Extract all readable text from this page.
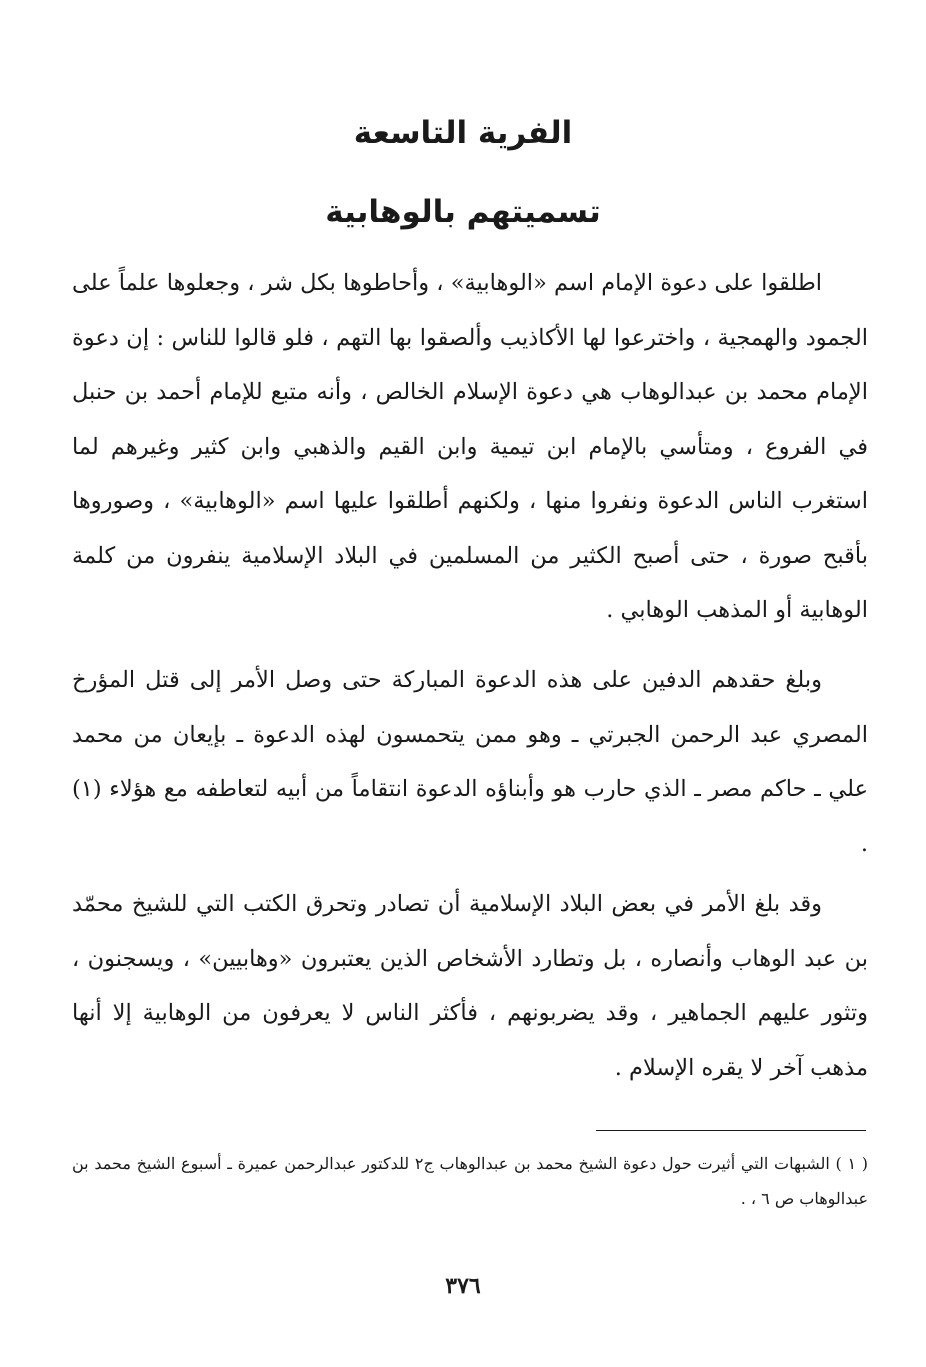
الفرية التاسعة
تسميتهم بالوهابية

اطلقوا على دعوة الإمام اسم «الوهابية» ، وأحاطوها بكل شر ، وجعلوها علماً على الجمود والهمجية ، واخترعوا لها الأكاذيب وألصقوا بها التهم ، فلو قالوا للناس : إن دعوة الإمام محمد بن عبدالوهاب هي دعوة الإسلام الخالص ، وأنه متبع للإمام أحمد بن حنبل في الفروع ، ومتأسي بالإمام ابن تيمية وابن القيم والذهبي وابن كثير وغيرهم لما استغرب الناس الدعوة ونفروا منها ، ولكنهم أطلقوا عليها اسم «الوهابية» ، وصوروها بأقبح صورة ، حتى أصبح الكثير من المسلمين في البلاد الإسلامية ينفرون من كلمة الوهابية أو المذهب الوهابي .

وبلغ حقدهم الدفين على هذه الدعوة المباركة حتى وصل الأمر إلى قتل المؤرخ المصري عبد الرحمن الجبرتي ـ وهو ممن يتحمسون لهذه الدعوة ـ بإيعان من محمد علي ـ حاكم مصر ـ الذي حارب هو وأبناؤه الدعوة انتقاماً من أبيه لتعاطفه مع هؤلاء (١) .

وقد بلغ الأمر في بعض البلاد الإسلامية أن تصادر وتحرق الكتب التي للشيخ محمّد بن عبد الوهاب وأنصاره ، بل وتطارد الأشخاص الذين يعتبرون «وهابيين» ، ويسجنون ، وتثور عليهم الجماهير ، وقد يضربونهم ، فأكثر الناس لا يعرفون من الوهابية إلا أنها مذهب آخر لا يقره الإسلام .

( ١ ) الشبهات التي أثيرت حول دعوة الشيخ محمد بن عبدالوهاب ج٢ للدكتور عبدالرحمن عميرة ـ أسبوع الشيخ محمد بن عبدالوهاب ص ٦ ، .

٣٧٦
